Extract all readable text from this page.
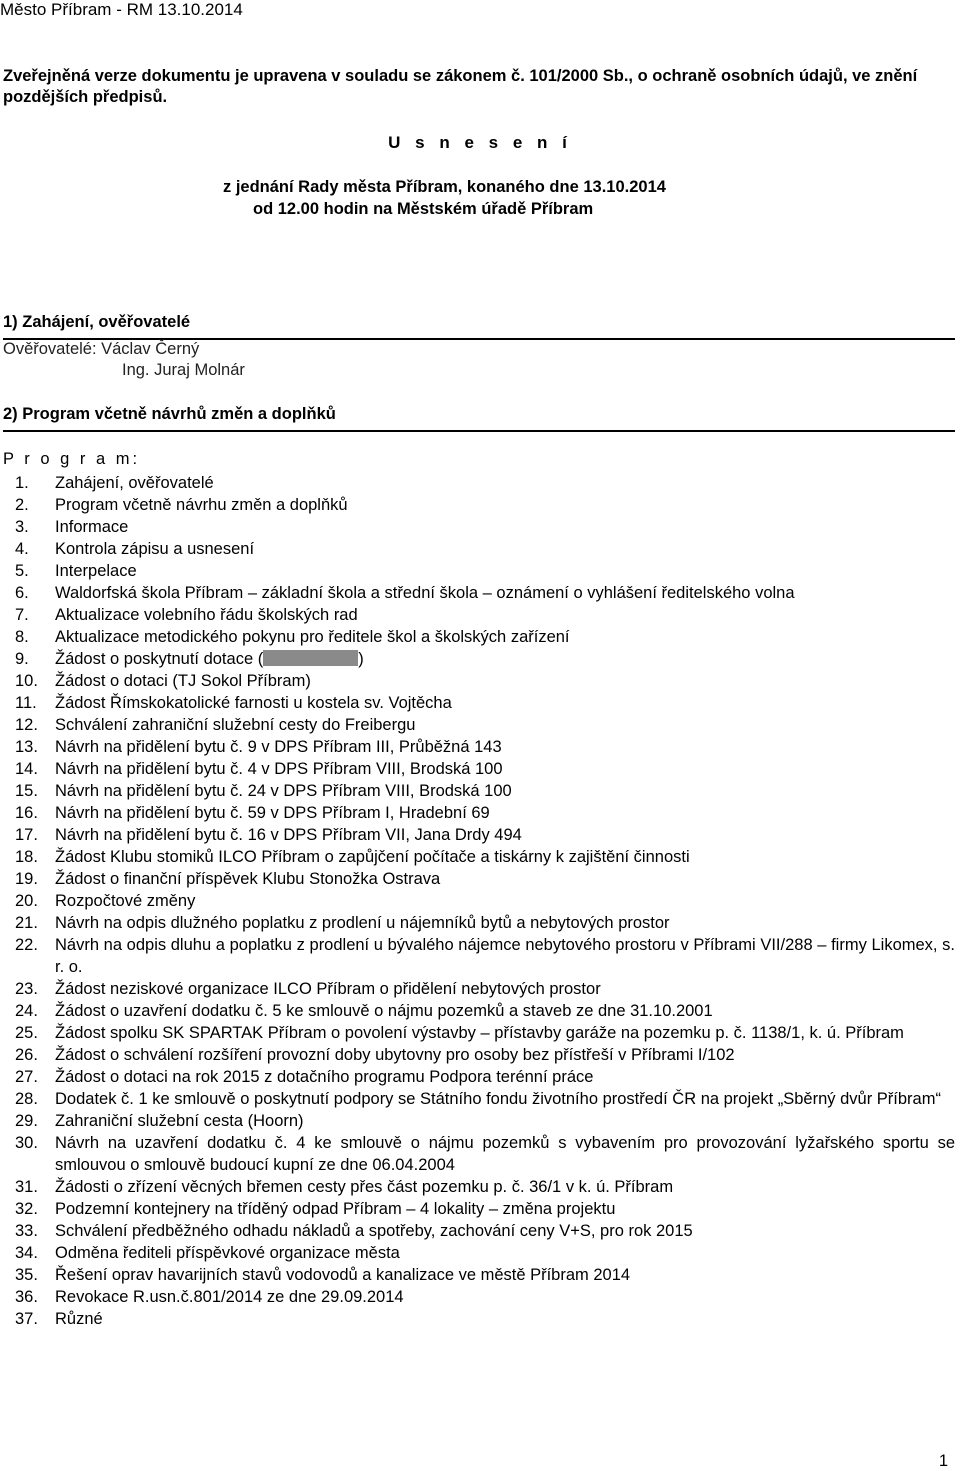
Město Příbram - RM 13.10.2014
Zveřejněná verze dokumentu je upravena v souladu se zákonem č. 101/2000 Sb., o ochraně osobních údajů, ve znění pozdějších předpisů.
U s n e s e n í
z jednání Rady města Příbram, konaného dne 13.10.2014
od 12.00 hodin na Městském úřadě Příbram
1) Zahájení, ověřovatelé
Ověřovatelé: Václav Černý
Ing. Juraj Molnár
2) Program včetně návrhů změn a doplňků
P r o g r a m:
1.	Zahájení, ověřovatelé
2.	Program včetně návrhu změn a doplňků
3.	Informace
4.	Kontrola zápisu a usnesení
5.	Interpelace
6.	Waldorfská škola Příbram – základní škola a střední škola – oznámení o vyhlášení ředitelského volna
7.	Aktualizace volebního řádu školských rad
8.	Aktualizace metodického pokynu pro ředitele škol a školských zařízení
9.	Žádost o poskytnutí dotace (	)
10.	Žádost o dotaci (TJ Sokol Příbram)
11.	Žádost Římskokatolické farnosti u kostela sv. Vojtěcha
12.	Schválení zahraniční služební cesty do Freibergu
13.	Návrh na přidělení bytu č. 9 v DPS Příbram III, Průběžná 143
14.	Návrh na přidělení bytu č. 4 v DPS Příbram VIII, Brodská 100
15.	Návrh na přidělení bytu č. 24 v DPS Příbram VIII, Brodská 100
16.	Návrh na přidělení bytu č. 59 v DPS Příbram I, Hradební 69
17.	Návrh na přidělení bytu č. 16 v DPS Příbram VII, Jana Drdy 494
18.	Žádost Klubu stomiků ILCO Příbram o zapůjčení počítače a tiskárny k zajištění činnosti
19.	Žádost o finanční příspěvek Klubu Stonožka Ostrava
20.	Rozpočtové změny
21.	Návrh na odpis dlužného poplatku z prodlení u nájemníků bytů a nebytových prostor
22.	Návrh na odpis dluhu a poplatku z prodlení u bývalého nájemce nebytového prostoru v Příbrami VII/288 – firmy Likomex, s. r. o.
23.	Žádost neziskové organizace ILCO Příbram o přidělení nebytových prostor
24.	Žádost o uzavření dodatku č. 5 ke smlouvě o nájmu pozemků a staveb ze dne 31.10.2001
25.	Žádost spolku SK SPARTAK Příbram o povolení výstavby – přístavby garáže na pozemku p. č. 1138/1, k. ú. Příbram
26.	Žádost o schválení rozšíření provozní doby ubytovny pro osoby bez přístřeší v Příbrami I/102
27.	Žádost o dotaci na rok 2015 z dotačního programu Podpora terénní práce
28.	Dodatek č. 1 ke smlouvě o poskytnutí podpory se Státního fondu životního prostředí ČR na projekt „Sběrný dvůr Příbram“
29.	Zahraniční služební cesta (Hoorn)
30.	Návrh na uzavření dodatku č. 4 ke smlouvě o nájmu pozemků s vybavením pro provozování lyžařského sportu se smlouvou o smlouvě budoucí kupní ze dne 06.04.2004
31.	Žádosti o zřízení věcných břemen cesty přes část pozemku p. č. 36/1 v k. ú. Příbram
32.	Podzemní kontejnery na tříděný odpad Příbram – 4 lokality – změna projektu
33.	Schválení předběžného odhadu nákladů a spotřeby, zachování ceny V+S, pro rok 2015
34.	Odměna řediteli příspěvkové organizace města
35.	Řešení oprav havarijních stavů vodovodů a kanalizace ve městě Příbram 2014
36.	Revokace R.usn.č.801/2014 ze dne 29.09.2014
37.	Různé
1
